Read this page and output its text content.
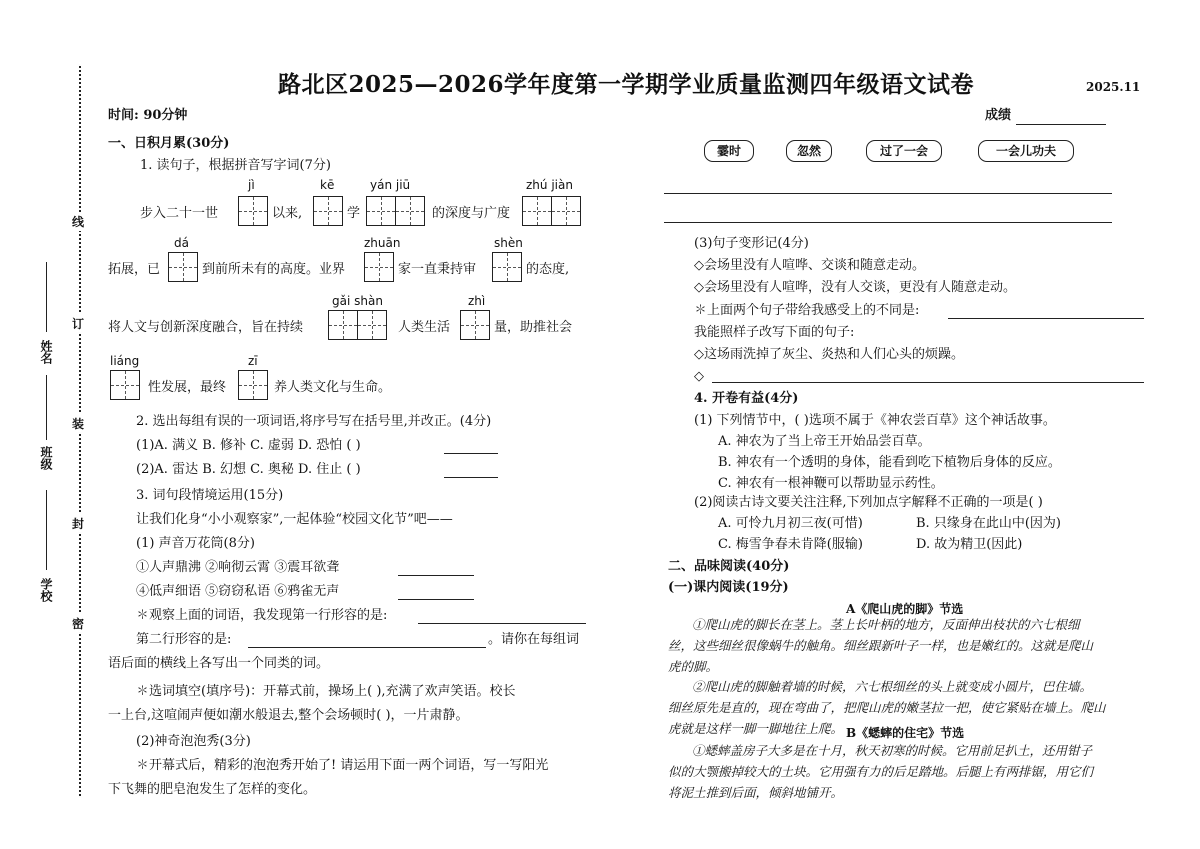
线
订
装
封
密
姓名
班级
学校
路北区2025—2026学年度第一学期学业质量监测四年级语文试卷	2025.11
时间: 90分钟	成绩
一、日积月累(30分)
1. 读句子，根据拼音写字词(7分)
jì	kē	yán jiū	zhú jiàn
步入二十一世	以来,	学	的深度与广度
dá	zhuān	shèn
拓展，已	到前所未有的高度。业界	家一直秉持审	的态度,
gǎi shàn	zhì
将人文与创新深度融合，旨在持续	人类生活	量，助推社会
liáng	zī
性发展，最终	养人类文化与生命。
2. 选出每组有误的一项词语,将序号写在括号里,并改正。(4分)
(1)A. 满义 B. 修补 C. 虚弱 D. 恐怕 ( )
(2)A. 雷达 B. 幻想 C. 奥秘 D. 住止 ( )
3. 词句段情境运用(15分)
让我们化身“小小观察家”,一起体验“校园文化节”吧——
(1) 声音万花筒(8分)
①人声鼎沸 ②响彻云霄 ③震耳欲聋
④低声细语 ⑤窃窃私语 ⑥鸦雀无声
✽观察上面的词语，我发现第一行形容的是:
第二行形容的是:	。请你在每组词
语后面的横线上各写出一个同类的词。
✽选词填空(填序号)：开幕式前，操场上( ),充满了欢声笑语。校长
一上台,这喧闹声便如潮水般退去,整个会场顿时( )，一片肃静。
(2)神奇泡泡秀(3分)
✽开幕式后，精彩的泡泡秀开始了! 请运用下面一两个词语，写一写阳光
下飞舞的肥皂泡发生了怎样的变化。
霎时	忽然	过了一会	一会儿功夫
(3)句子变形记(4分)
◇会场里没有人喧哗、交谈和随意走动。
◇会场里没有人喧哗，没有人交谈，更没有人随意走动。
✽上面两个句子带给我感受上的不同是:
我能照样子改写下面的句子:
◇这场雨洗掉了灰尘、炎热和人们心头的烦躁。
◇
4. 开卷有益(4分)
(1) 下列情节中，( )选项不属于《神农尝百草》这个神话故事。
A. 神农为了当上帝王开始品尝百草。
B. 神农有一个透明的身体，能看到吃下植物后身体的反应。
C. 神农有一根神鞭可以帮助显示药性。
(2)阅读古诗文要关注注释,下列加点字解释不正确的一项是( )
A. 可怜九月初三夜(可惜)	B. 只缘身在此山中(因为)
C. 梅雪争春未肯降(服输)	D. 故为精卫(因此)
二、品味阅读(40分)
(一)课内阅读(19分)
A《爬山虎的脚》节选
①爬山虎的脚长在茎上。茎上长叶柄的地方，反面伸出枝状的六七根细
丝，这些细丝很像蜗牛的触角。细丝跟新叶子一样，也是嫩红的。这就是爬山
虎的脚。
②爬山虎的脚触着墙的时候，六七根细丝的头上就变成小圆片，巴住墙。
细丝原先是直的，现在弯曲了，把爬山虎的嫩茎拉一把，使它紧贴在墙上。爬山
虎就是这样一脚一脚地往上爬。 B《蟋蟀的住宅》节选
①蟋蟀盖房子大多是在十月，秋天初寒的时候。它用前足扒土，还用钳子
似的大颚搬掉较大的土块。它用强有力的后足踏地。后腿上有两排锯，用它们
将泥土推到后面，倾斜地铺开。
